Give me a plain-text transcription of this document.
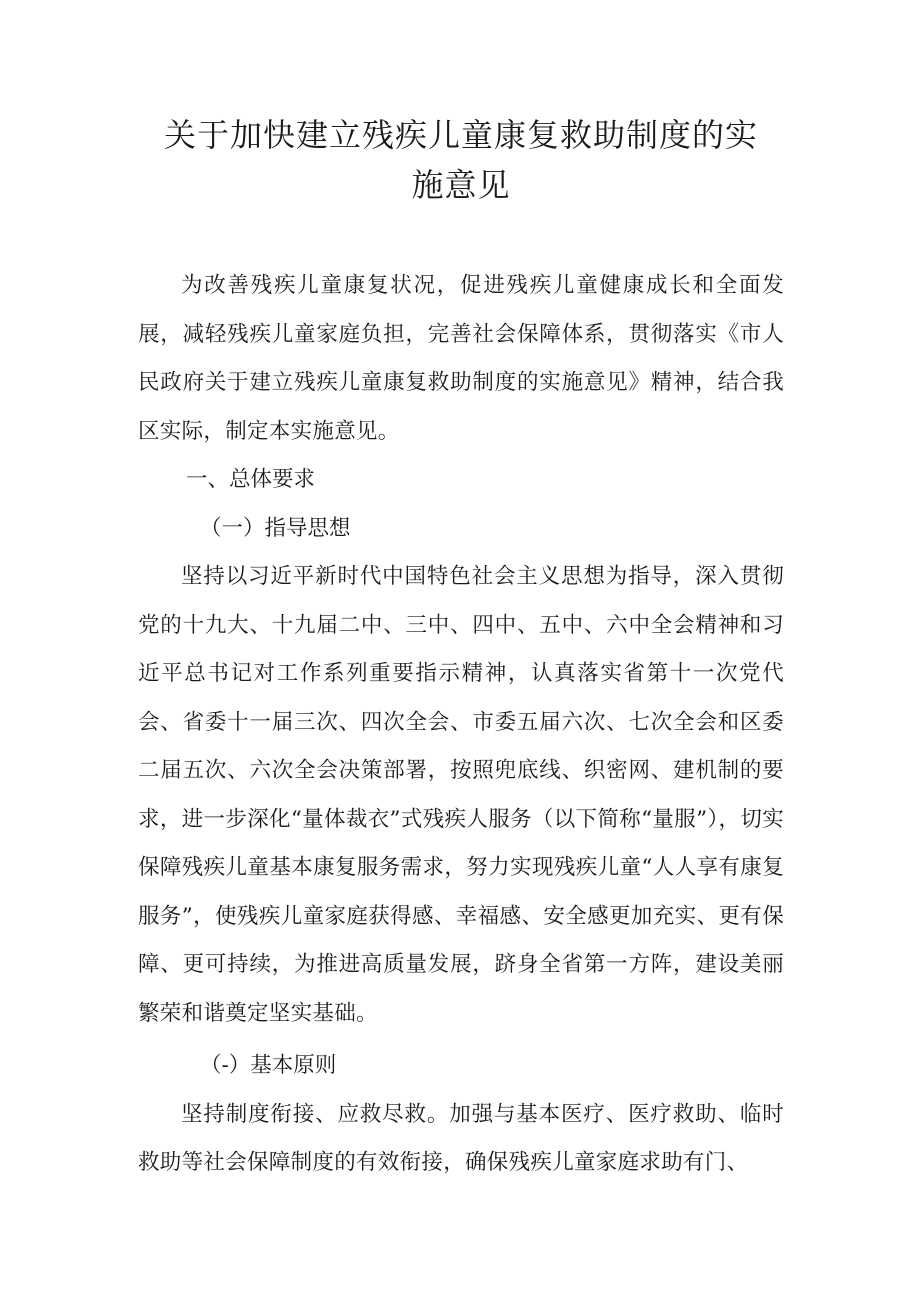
关于加快建立残疾儿童康复救助制度的实
施意见

为改善残疾儿童康复状况，促进残疾儿童健康成长和全面发展，减轻残疾儿童家庭负担，完善社会保障体系，贯彻落实《市人民政府关于建立残疾儿童康复救助制度的实施意见》精神，结合我区实际，制定本实施意见。

一、总体要求

（一）指导思想

坚持以习近平新时代中国特色社会主义思想为指导，深入贯彻党的十九大、十九届二中、三中、四中、五中、六中全会精神和习近平总书记对工作系列重要指示精神，认真落实省第十一次党代会、省委十一届三次、四次全会、市委五届六次、七次全会和区委二届五次、六次全会决策部署，按照兜底线、织密网、建机制的要求，进一步深化“量体裁衣”式残疾人服务（以下简称“量服”），切实保障残疾儿童基本康复服务需求，努力实现残疾儿童“人人享有康复服务”，使残疾儿童家庭获得感、幸福感、安全感更加充实、更有保障、更可持续，为推进高质量发展，跻身全省第一方阵，建设美丽繁荣和谐奠定坚实基础。

（-）基本原则

坚持制度衔接、应救尽救。加强与基本医疗、医疗救助、临时救助等社会保障制度的有效衔接，确保残疾儿童家庭求助有门、
